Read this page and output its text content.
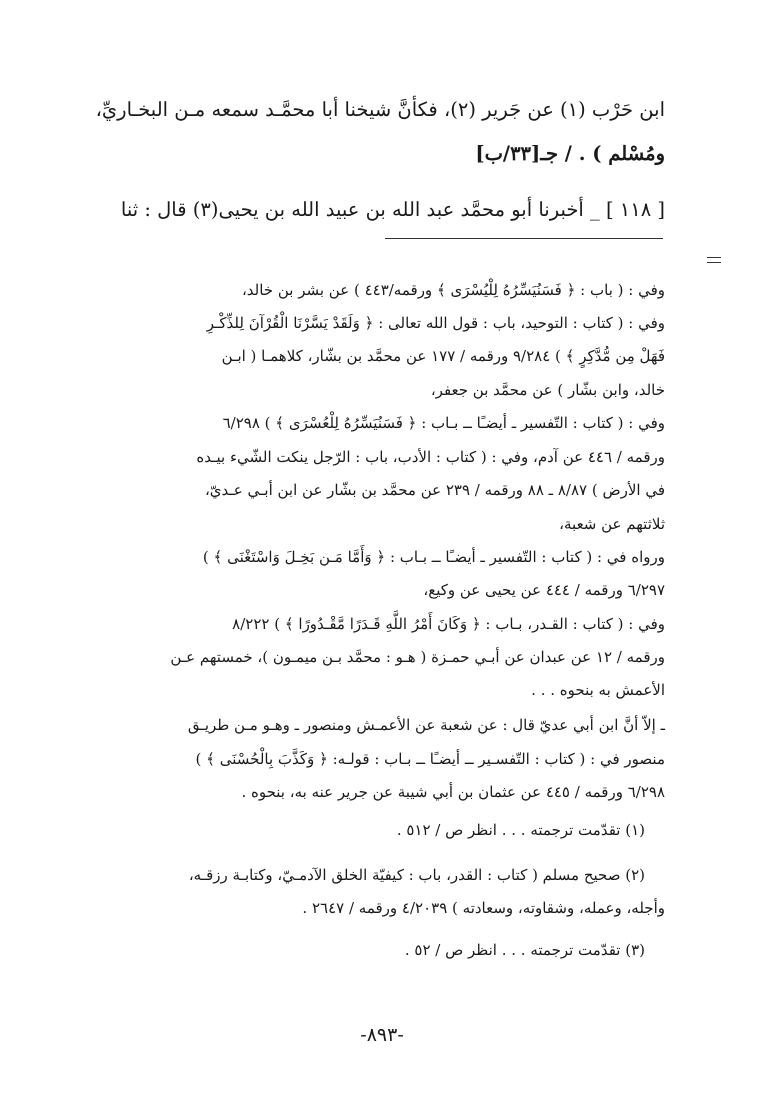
ابن حَرْب (١) عن جَرير (٢)، فكأنَّ شيخنا أبا محمَّـد سمعه مـن البخـاريِّ،
ومُسْلم ) . / جـ[٣٣/ب]
[ ١١٨ ] _ أخبرنا أبو محمَّد عبد الله بن عبيد الله بن يحيى(٣) قال : ثنا
وفي : ( باب : ﴿ فَسَنُيَسِّرُهُ لِلْيُسْرَى ﴾ ورقمه/٤٤٣ ) عن بشر بن خالد،
وفي : ( كتاب : التوحيد، باب : قول الله تعالى : ﴿ وَلَقَدْ يَسَّرْنَا الْقُرْآنَ لِلذِّكْـرِ
فَهَلْ مِن مُّدَّكِرٍ ﴾ ) ٩/٢٨٤ ورقمه / ١٧٧ عن محمَّد بن بشّار، كلاهمـا ( ابـن
خالد، وابن بشّار ) عن محمَّد بن جعفر،
وفي : ( كتاب : التّفسير ـ أيضـًا ــ بـاب : ﴿ فَسَنُيَسِّرُهُ لِلْعُسْرَى ﴾ ) ٦/٢٩٨
ورقمه / ٤٤٦ عن آدم، وفي : ( كتاب : الأدب، باب : الرّجل ينكت الشّيء بيـده
في الأرض ) ٨/٨٧ ـ ٨٨ ورقمه / ٢٣٩ عن محمَّد بن بشّار عن ابن أبـي عـديّ،
ثلاثتهم عن شعبة،
ورواه في : ( كتاب : التّفسير ـ أيضـًا ــ بـاب : ﴿ وَأَمَّا مَـن بَخِـلَ وَاسْتَغْنَى ﴾ )
٦/٢٩٧ ورقمه / ٤٤٤ عن يحيى عن وكيع،
وفي : ( كتاب : القـدر، بـاب : ﴿ وَكَانَ أَمْرُ اللَّهِ قَـدَرًا مَّقْـدُورًا ﴾ ) ٨/٢٢٢
ورقمه / ١٢ عن عبدان عن أبـي حمـزة ( هـو : محمَّد بـن ميمـون )، خمستهم عـن
الأعمش به بنحوه . . .
ـ إلاّ أنَّ ابن أبي عديّ قال : عن شعبة عن الأعمـش ومنصور ـ وهـو مـن طريـق
منصور في : ( كتاب : التّفسـير ــ أيضـًا ــ بـاب : قولـه: ﴿ وَكَذَّبَ بِالْحُسْنَى ﴾ )
٦/٢٩٨ ورقمه / ٤٤٥ عن عثمان بن أبي شيبة عن جرير عنه به، بنحوه .
(١) تقدّمت ترجمته . . . انظر ص / ٥١٢ .
(٢) صحيح مسلم ( كتاب : القدر، باب : كيفيّة الخلق الآدمـيّ، وكتابـة رزقـه،
وأجله، وعمله، وشقاوته، وسعادته ) ٤/٢٠٣٩ ورقمه / ٢٦٤٧ .
(٣) تقدّمت ترجمته . . . انظر ص / ٥٢ .
-٨٩٣-
